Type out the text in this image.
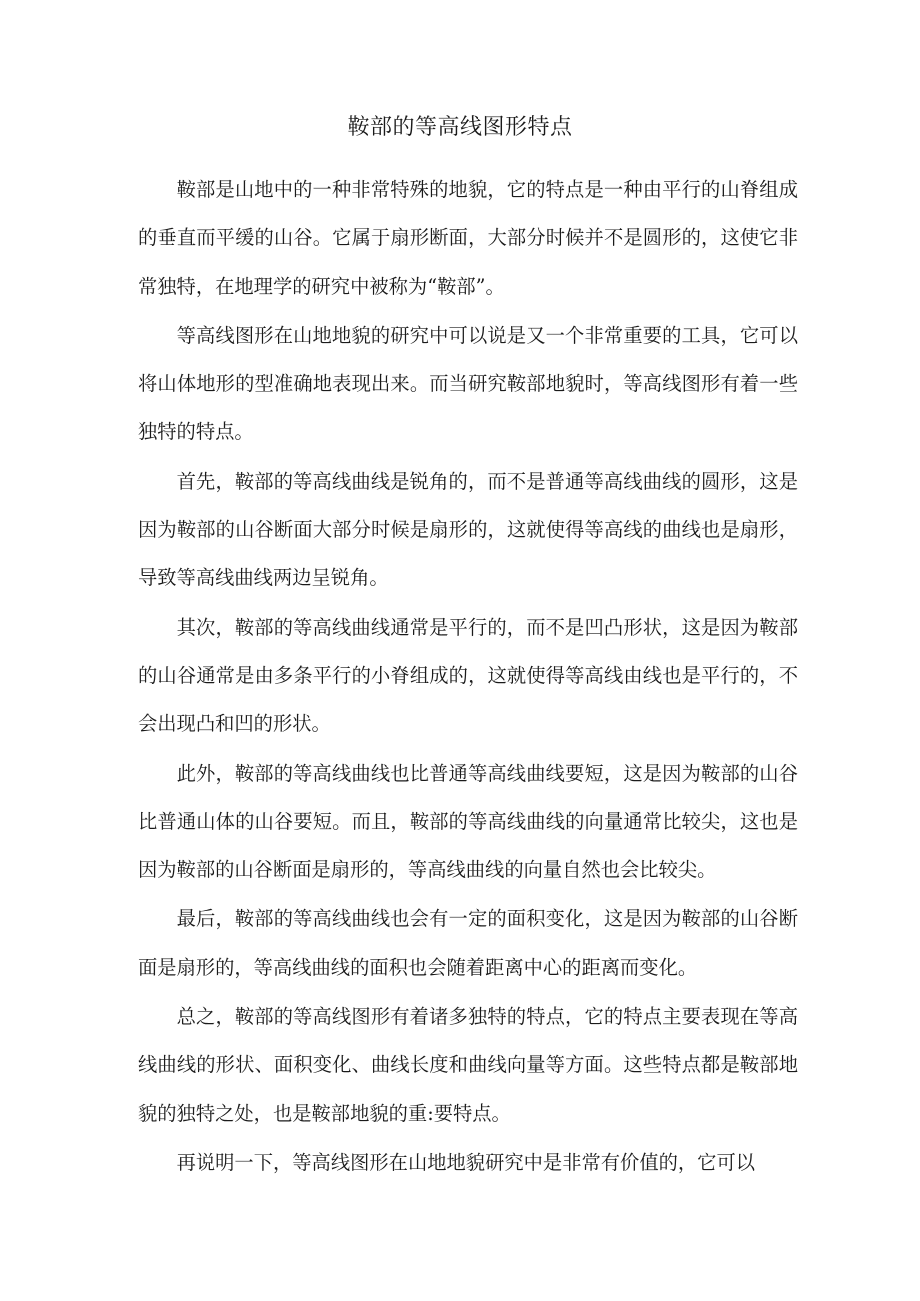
鞍部的等高线图形特点

鞍部是山地中的一种非常特殊的地貌，它的特点是一种由平行的山脊组成的垂直而平缓的山谷。它属于扇形断面，大部分时候并不是圆形的，这使它非常独特，在地理学的研究中被称为“鞍部”。

等高线图形在山地地貌的研究中可以说是又一个非常重要的工具，它可以将山体地形的型准确地表现出来。而当研究鞍部地貌时，等高线图形有着一些独特的特点。

首先，鞍部的等高线曲线是锐角的，而不是普通等高线曲线的圆形，这是因为鞍部的山谷断面大部分时候是扇形的，这就使得等高线的曲线也是扇形，导致等高线曲线两边呈锐角。

其次，鞍部的等高线曲线通常是平行的，而不是凹凸形状，这是因为鞍部的山谷通常是由多条平行的小脊组成的，这就使得等高线由线也是平行的，不会出现凸和凹的形状。

此外，鞍部的等高线曲线也比普通等高线曲线要短，这是因为鞍部的山谷比普通山体的山谷要短。而且，鞍部的等高线曲线的向量通常比较尖，这也是因为鞍部的山谷断面是扇形的，等高线曲线的向量自然也会比较尖。

最后，鞍部的等高线曲线也会有一定的面积变化，这是因为鞍部的山谷断面是扇形的，等高线曲线的面积也会随着距离中心的距离而变化。

总之，鞍部的等高线图形有着诸多独特的特点，它的特点主要表现在等高线曲线的形状、面积变化、曲线长度和曲线向量等方面。这些特点都是鞍部地貌的独特之处，也是鞍部地貌的重:要特点。

再说明一下，等高线图形在山地地貌研究中是非常有价值的，它可以
